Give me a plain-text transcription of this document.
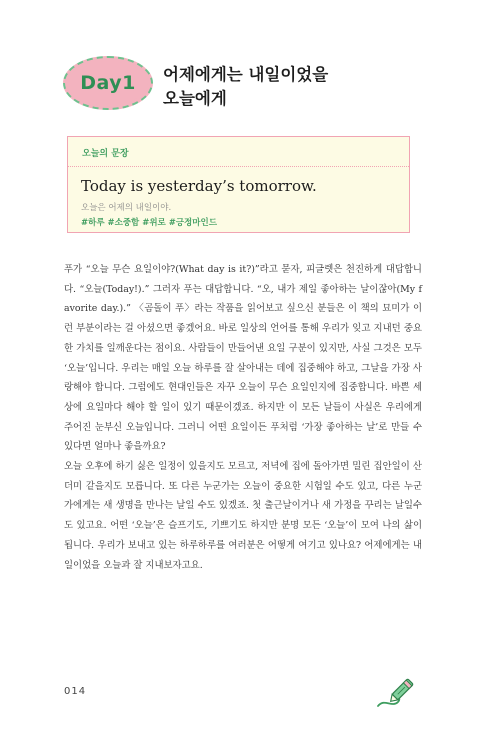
Day1 어제에게는 내일이었을
오늘에게
오늘의 문장
Today is yesterday’s tomorrow.
오늘은 어제의 내일이야.
#하루 #소중함 #위로 #긍정마인드

푸가 “오늘 무슨 요일이야?(What day is it?)”라고 묻자, 피글렛은 천진하게 대답합니다. “오늘(Today!).” 그러자 푸는 대답합니다. “오, 내가 제일 좋아하는 날이잖아(My favorite day.).” 〈곰돌이 푸〉라는 작품을 읽어보고 싶으신 분들은 이 책의 묘미가 이런 부분이라는 걸 아셨으면 좋겠어요. 바로 일상의 언어를 통해 우리가 잊고 지내던 중요한 가치를 일깨운다는 점이요. 사람들이 만들어낸 요일 구분이 있지만, 사실 그것은 모두 ‘오늘’입니다. 우리는 매일 오늘 하루를 잘 살아내는 데에 집중해야 하고, 그날을 가장 사랑해야 합니다. 그럼에도 현대인들은 자꾸 오늘이 무슨 요일인지에 집중합니다. 바쁜 세상에 요일마다 해야 할 일이 있기 때문이겠죠. 하지만 이 모든 날들이 사실은 우리에게 주어진 눈부신 오늘입니다. 그러니 어떤 요일이든 푸처럼 ‘가장 좋아하는 날’로 만들 수 있다면 얼마나 좋을까요?

오늘 오후에 하기 싫은 일정이 있을지도 모르고, 저녁에 집에 돌아가면 밀린 집안일이 산더미 같을지도 모릅니다. 또 다른 누군가는 오늘이 중요한 시험일 수도 있고, 다른 누군가에게는 새 생명을 만나는 날일 수도 있겠죠. 첫 출근날이거나 새 가정을 꾸리는 날일수도 있고요. 어떤 ‘오늘’은 슬프기도, 기쁘기도 하지만 분명 모든 ‘오늘’이 모여 나의 삶이 됩니다. 우리가 보내고 있는 하루하루를 여러분은 어떻게 여기고 있나요? 어제에게는 내일이었을 오늘과 잘 지내보자고요.

014
